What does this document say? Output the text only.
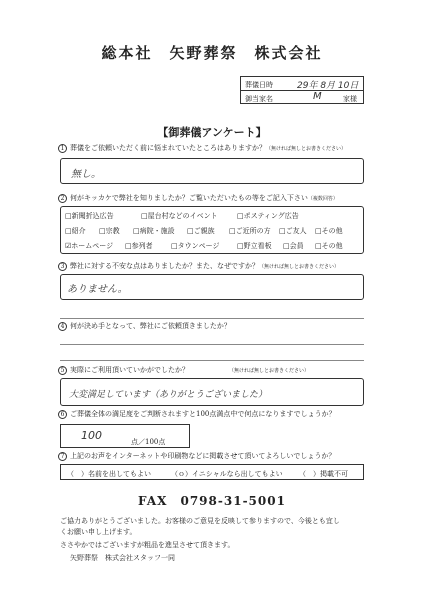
総本社　矢野葬祭　株式会社
葬儀日時	29年 8月 10日
御当家名	M	家様
【御葬儀アンケート】
1 葬儀をご依頼いただく前に悩まれていたところはありますか？（無ければ無しとお書きください）
無し。
2 何がキッカケで弊社を知りましたか？ご覧いただいたもの等をご記入下さい（複数回答）
□新聞折込広告	□屋台村などのイベント	□ポスティング広告
□紹介 □宗教 □病院・施設 □ご親族 □ご近所の方 □ご友人 □その他
☑ホームページ □参列者	□タウンページ	□野立看板 □会員 □その他
3 弊社に対する不安な点はありましたか？また、なぜですか？（無ければ無しとお書きください）
ありません。
4 何が決め手となって、弊社にご依頼頂きましたか？
5 実際にご利用頂いていかがでしたか？	（無ければ無しとお書きください）
大変満足しています（ありがとうございました）
6 ご葬儀全体の満足度をご判断されますと100点満点中で何点になりますでしょうか？
100	点／100点
7 上記のお声をインターネットや印刷物などに掲載させて頂いてよろしいでしょうか？
（　）名前を出してもよい	（ｏ）イニシャルなら出してもよい （　）掲載不可
FAX　0798-31-5001
ご協力ありがとうございました。お客様のご意見を反映して参りますので、今後とも宜し
くお願い申し上げます。
ささやかではございますが粗品を進呈させて頂きます。
矢野葬祭　株式会社スタッフ一同
